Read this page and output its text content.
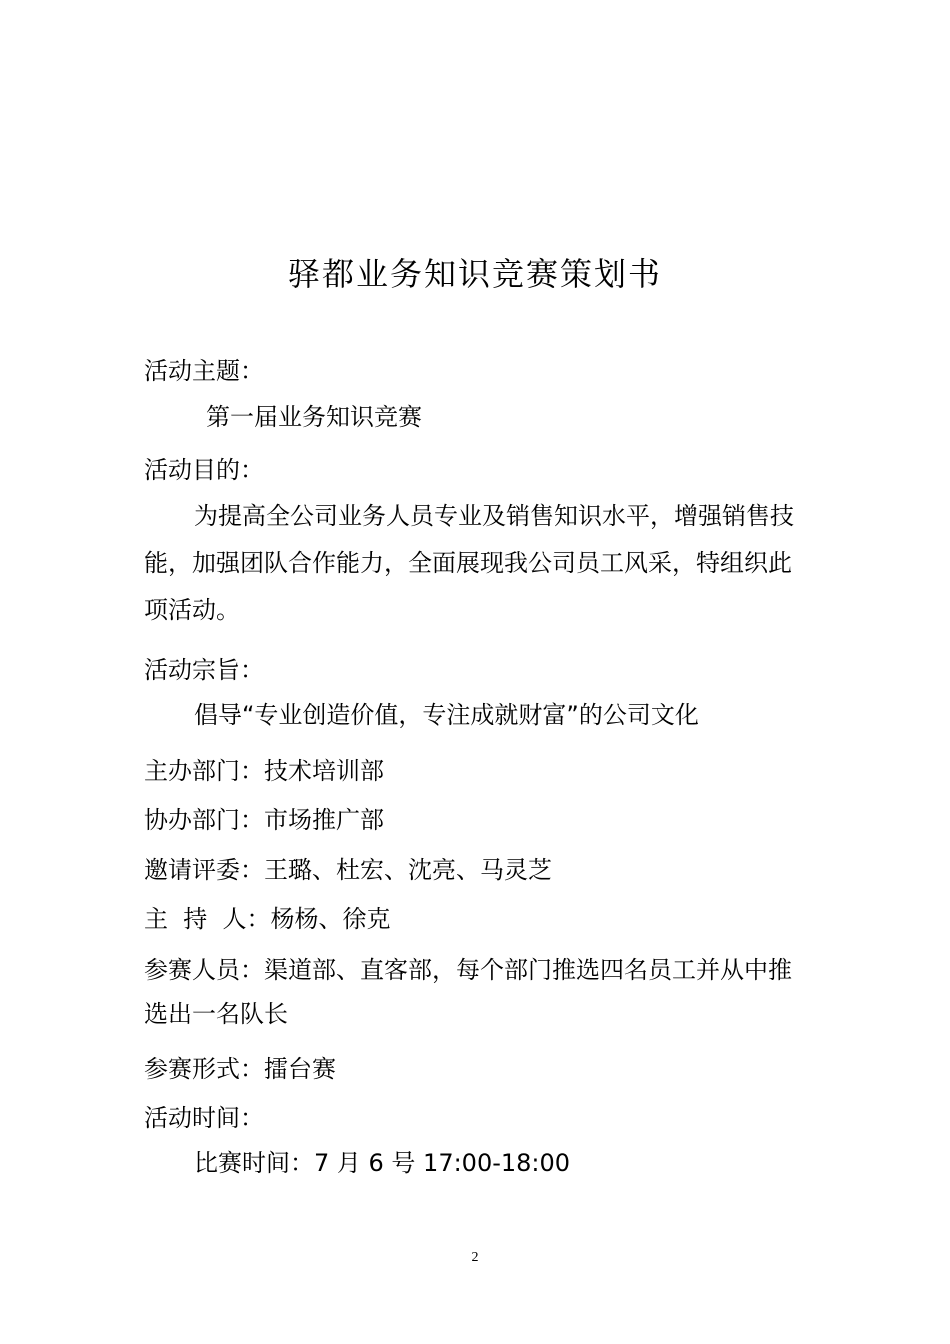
驿都业务知识竞赛策划书
活动主题：
第一届业务知识竞赛
活动目的：
为提高全公司业务人员专业及销售知识水平，增强销售技能，加强团队合作能力，全面展现我公司员工风采，特组织此项活动。
活动宗旨：
倡导“专业创造价值，专注成就财富”的公司文化
主办部门：技术培训部
协办部门：市场推广部
邀请评委：王璐、杜宏、沈亮、马灵芝
主  持  人：杨杨、徐克
参赛人员：渠道部、直客部，每个部门推选四名员工并从中推选出一名队长
参赛形式：擂台赛
活动时间：
比赛时间：7 月 6 号 17:00-18:00
2
